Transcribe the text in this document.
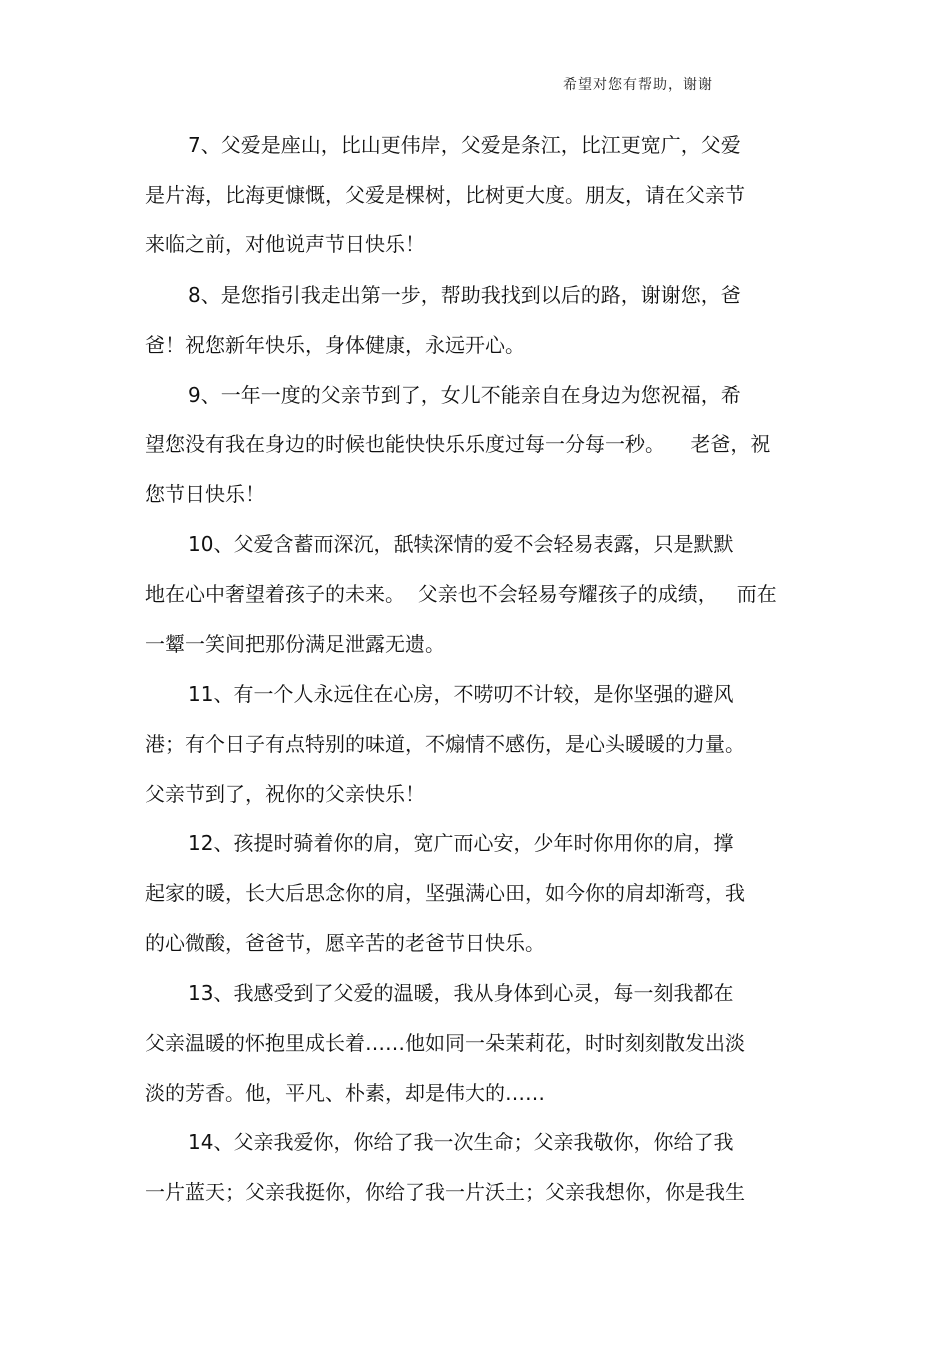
希望对您有帮助，谢谢
7、父爱是座山，比山更伟岸，父爱是条江，比江更宽广，父爱
是片海，比海更慷慨，父爱是棵树，比树更大度。朋友，请在父亲节
来临之前，对他说声节日快乐！
8、是您指引我走出第一步，帮助我找到以后的路，谢谢您，爸
爸！祝您新年快乐，身体健康，永远开心。
9、一年一度的父亲节到了，女儿不能亲自在身边为您祝福，希
望您没有我在身边的时候也能快快乐乐度过每一分每一秒。    老爸，祝
您节日快乐！
10、父爱含蓄而深沉，舐犊深情的爱不会轻易表露，只是默默
地在心中奢望着孩子的未来。  父亲也不会轻易夸耀孩子的成绩，   而在
一颦一笑间把那份满足泄露无遗。
11、有一个人永远住在心房，不唠叨不计较，是你坚强的避风
港；有个日子有点特别的味道，不煽情不感伤，是心头暖暖的力量。
父亲节到了，祝你的父亲快乐！
12、孩提时骑着你的肩，宽广而心安，少年时你用你的肩，撑
起家的暖，长大后思念你的肩，坚强满心田，如今你的肩却渐弯，我
的心微酸，爸爸节，愿辛苦的老爸节日快乐。
13、我感受到了父爱的温暖，我从身体到心灵，每一刻我都在
父亲温暖的怀抱里成长着……他如同一朵茉莉花，时时刻刻散发出淡
淡的芳香。他，平凡、朴素，却是伟大的……
14、父亲我爱你，你给了我一次生命；父亲我敬你，你给了我
一片蓝天；父亲我挺你，你给了我一片沃土；父亲我想你，你是我生
